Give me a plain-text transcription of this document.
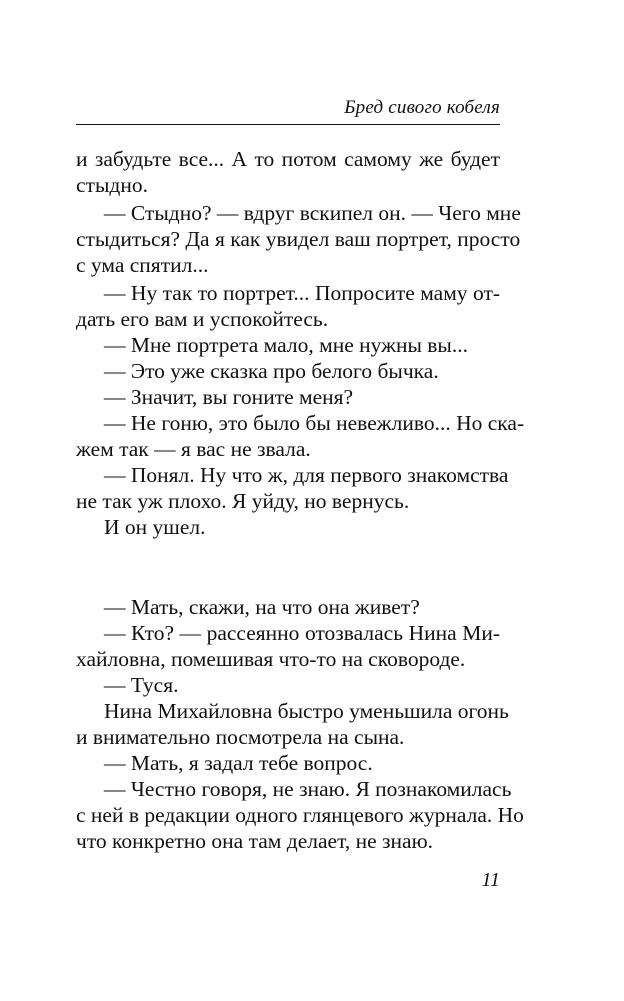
Бред сивого кобеля
и забудьте все... А то потом самому же будет
стыдно.
— Стыдно? — вдруг вскипел он. — Чего мне
стыдиться? Да я как увидел ваш портрет, просто
с ума спятил...
— Ну так то портрет... Попросите маму от-
дать его вам и успокойтесь.
— Мне портрета мало, мне нужны вы...
— Это уже сказка про белого бычка.
— Значит, вы гоните меня?
— Не гоню, это было бы невежливо... Но ска-
жем так — я вас не звала.
— Понял. Ну что ж, для первого знакомства
не так уж плохо. Я уйду, но вернусь.
И он ушел.
— Мать, скажи, на что она живет?
— Кто? — рассеянно отозвалась Нина Ми-
хайловна, помешивая что-то на сковороде.
— Туся.
Нина Михайловна быстро уменьшила огонь
и внимательно посмотрела на сына.
— Мать, я задал тебе вопрос.
— Честно говоря, не знаю. Я познакомилась
с ней в редакции одного глянцевого журнала. Но
что конкретно она там делает, не знаю.
11
